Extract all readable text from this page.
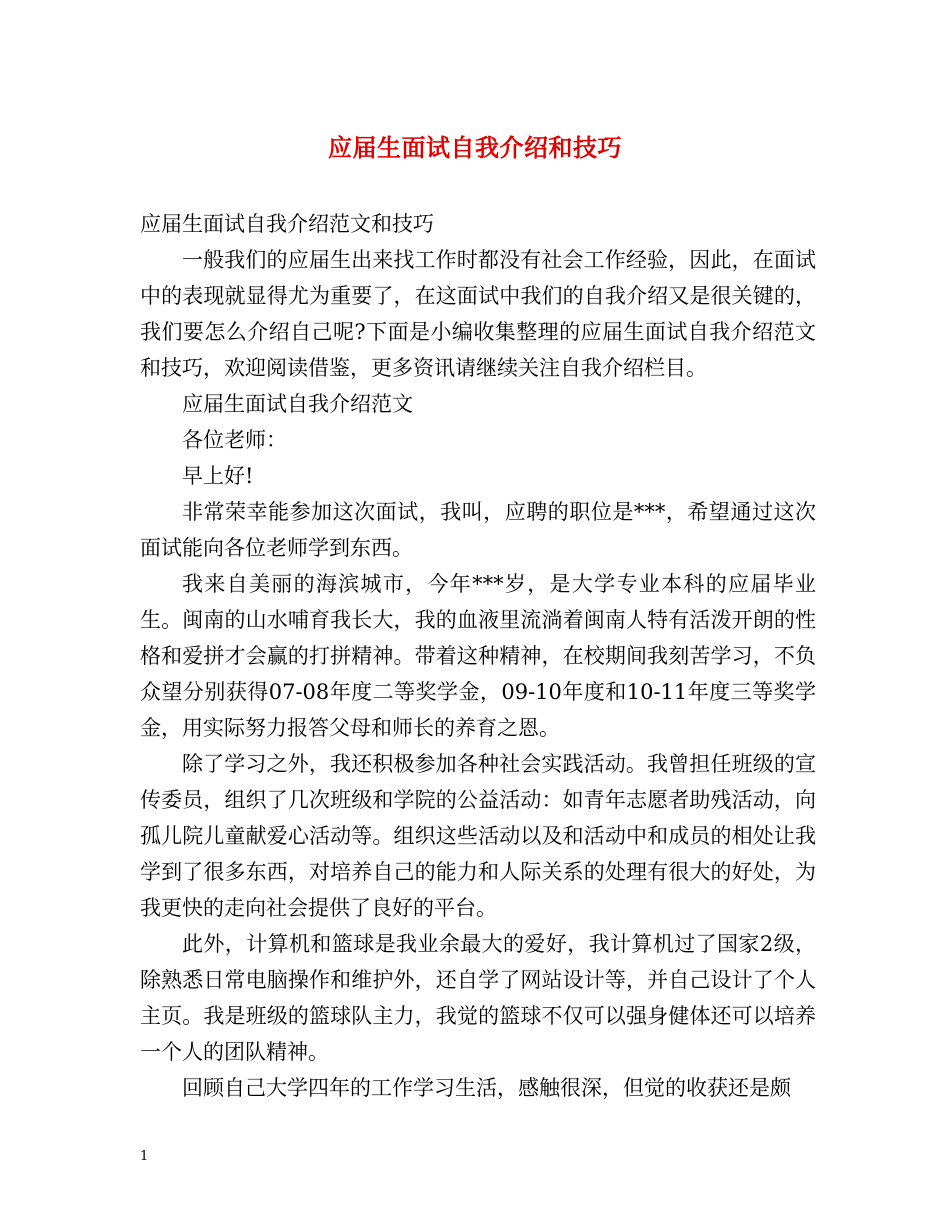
应届生面试自我介绍和技巧

应届生面试自我介绍范文和技巧

一般我们的应届生出来找工作时都没有社会工作经验，因此，在面试中的表现就显得尤为重要了，在这面试中我们的自我介绍又是很关键的，我们要怎么介绍自己呢?下面是小编收集整理的应届生面试自我介绍范文和技巧，欢迎阅读借鉴，更多资讯请继续关注自我介绍栏目。

应届生面试自我介绍范文

各位老师：

早上好!

非常荣幸能参加这次面试，我叫，应聘的职位是***，希望通过这次面试能向各位老师学到东西。

我来自美丽的海滨城市，今年***岁，是大学专业本科的应届毕业生。闽南的山水哺育我长大，我的血液里流淌着闽南人特有活泼开朗的性格和爱拼才会赢的打拼精神。带着这种精神，在校期间我刻苦学习，不负众望分别获得07-08年度二等奖学金，09-10年度和10-11年度三等奖学金，用实际努力报答父母和师长的养育之恩。

除了学习之外，我还积极参加各种社会实践活动。我曾担任班级的宣传委员，组织了几次班级和学院的公益活动：如青年志愿者助残活动，向孤儿院儿童献爱心活动等。组织这些活动以及和活动中和成员的相处让我学到了很多东西，对培养自己的能力和人际关系的处理有很大的好处，为我更快的走向社会提供了良好的平台。

此外，计算机和篮球是我业余最大的爱好，我计算机过了国家2级，除熟悉日常电脑操作和维护外，还自学了网站设计等，并自己设计了个人主页。我是班级的篮球队主力，我觉的篮球不仅可以强身健体还可以培养一个人的团队精神。

回顾自己大学四年的工作学习生活，感触很深，但觉的收获还是颇

1
